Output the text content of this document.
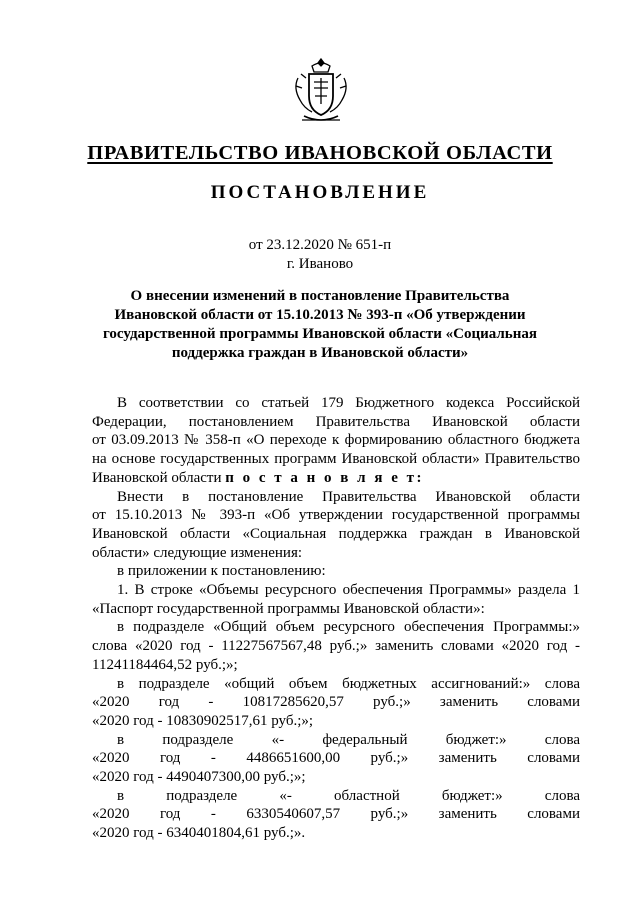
ПРАВИТЕЛЬСТВО ИВАНОВСКОЙ ОБЛАСТИ
ПОСТАНОВЛЕНИЕ
от 23.12.2020 № 651-п
г. Иваново
О внесении изменений в постановление Правительства
Ивановской области от 15.10.2013 № 393-п «Об утверждении
государственной программы Ивановской области «Социальная
поддержка граждан в Ивановской области»

В соответствии со статьей 179 Бюджетного кодекса Российской

Федерации, постановлением Правительства Ивановской области

от 03.09.2013 № 358-п «О переходе к формированию областного бюджета

на основе государственных программ Ивановской области» Правительство

Ивановской области п о с т а н о в л я е т:

Внести в постановление Правительства Ивановской области

от 15.10.2013 № 393-п «Об утверждении государственной программы

Ивановской области «Социальная поддержка граждан в Ивановской

области» следующие изменения:

в приложении к постановлению:

1. В строке «Объемы ресурсного обеспечения Программы» раздела 1

«Паспорт государственной программы Ивановской области»:

в подразделе «Общий объем ресурсного обеспечения Программы:»

слова «2020 год - 11227567567,48 руб.;» заменить словами «2020 год -

11241184464,52 руб.;»;

в подразделе «общий объем бюджетных ассигнований:» слова

«2020 год - 10817285620,57 руб.;» заменить словами

«2020 год - 10830902517,61 руб.;»;

в подразделе «- федеральный бюджет:» слова

«2020 год - 4486651600,00 руб.;» заменить словами

«2020 год - 4490407300,00 руб.;»;

в подразделе «- областной бюджет:» слова

«2020 год - 6330540607,57 руб.;» заменить словами

«2020 год - 6340401804,61 руб.;».
